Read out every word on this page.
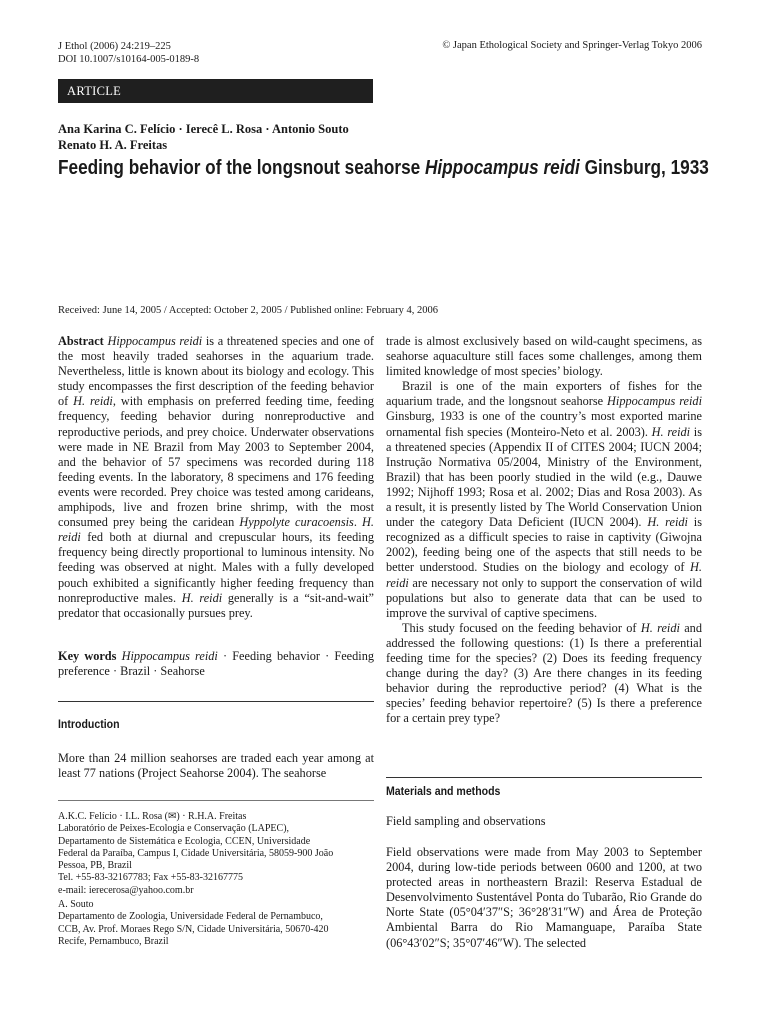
J Ethol (2006) 24:219–225
DOI 10.1007/s10164-005-0189-8
© Japan Ethological Society and Springer-Verlag Tokyo 2006
ARTICLE
Ana Karina C. Felício · Ierecê L. Rosa · Antonio Souto
Renato H. A. Freitas
Feeding behavior of the longsnout seahorse Hippocampus reidi Ginsburg, 1933
Received: June 14, 2005 / Accepted: October 2, 2005 / Published online: February 4, 2006

Abstract Hippocampus reidi is a threatened species and one of the most heavily traded seahorses in the aquarium trade. Nevertheless, little is known about its biology and ecology. This study encompasses the first description of the feeding behavior of H. reidi, with emphasis on preferred feeding time, feeding frequency, feeding behavior during nonreproductive and reproductive periods, and prey choice. Underwater observations were made in NE Brazil from May 2003 to September 2004, and the behavior of 57 specimens was recorded during 118 feeding events. In the laboratory, 8 specimens and 176 feeding events were recorded. Prey choice was tested among carideans, amphipods, live and frozen brine shrimp, with the most consumed prey being the caridean Hyppolyte curacoensis. H. reidi fed both at diurnal and crepuscular hours, its feeding frequency being directly proportional to luminous intensity. No feeding was observed at night. Males with a fully developed pouch exhibited a significantly higher feeding frequency than nonreproductive males. H. reidi generally is a “sit-and-wait” predator that occasionally pursues prey.

Key words Hippocampus reidi · Feeding behavior · Feeding preference · Brazil · Seahorse

Introduction

More than 24 million seahorses are traded each year among at least 77 nations (Project Seahorse 2004). The seahorse

A.K.C. Felício · I.L. Rosa (✉) · R.H.A. Freitas
Laboratório de Peixes-Ecologia e Conservação (LAPEC),
Departamento de Sistemática e Ecologia, CCEN, Universidade
Federal da Paraíba, Campus I, Cidade Universitária, 58059-900 João
Pessoa, PB, Brazil
Tel. +55-83-32167783; Fax +55-83-32167775
e-mail: ierecerosa@yahoo.com.br
A. Souto
Departamento de Zoologia, Universidade Federal de Pernambuco,
CCB, Av. Prof. Moraes Rego S/N, Cidade Universitária, 50670-420
Recife, Pernambuco, Brazil

trade is almost exclusively based on wild-caught specimens, as seahorse aquaculture still faces some challenges, among them limited knowledge of most species’ biology.

Brazil is one of the main exporters of fishes for the aquarium trade, and the longsnout seahorse Hippocampus reidi Ginsburg, 1933 is one of the country’s most exported marine ornamental fish species (Monteiro-Neto et al. 2003). H. reidi is a threatened species (Appendix II of CITES 2004; IUCN 2004; Instrução Normativa 05/2004, Ministry of the Environment, Brazil) that has been poorly studied in the wild (e.g., Dauwe 1992; Nijhoff 1993; Rosa et al. 2002; Dias and Rosa 2003). As a result, it is presently listed by The World Conservation Union under the category Data Deficient (IUCN 2004). H. reidi is recognized as a difficult species to raise in captivity (Giwojna 2002), feeding being one of the aspects that still needs to be better understood. Studies on the biology and ecology of H. reidi are necessary not only to support the conservation of wild populations but also to generate data that can be used to improve the survival of captive specimens.

This study focused on the feeding behavior of H. reidi and addressed the following questions: (1) Is there a preferential feeding time for the species? (2) Does its feeding frequency change during the day? (3) Are there changes in its feeding behavior during the reproductive period? (4) What is the species’ feeding behavior repertoire? (5) Is there a preference for a certain prey type?

Materials and methods
Field sampling and observations

Field observations were made from May 2003 to September 2004, during low-tide periods between 0600 and 1200, at two protected areas in northeastern Brazil: Reserva Estadual de Desenvolvimento Sustentável Ponta do Tubarão, Rio Grande do Norte State (05°04′37″S; 36°28′31″W) and Área de Proteção Ambiental Barra do Rio Mamanguape, Paraíba State (06°43′02″S; 35°07′46″W). The selected
